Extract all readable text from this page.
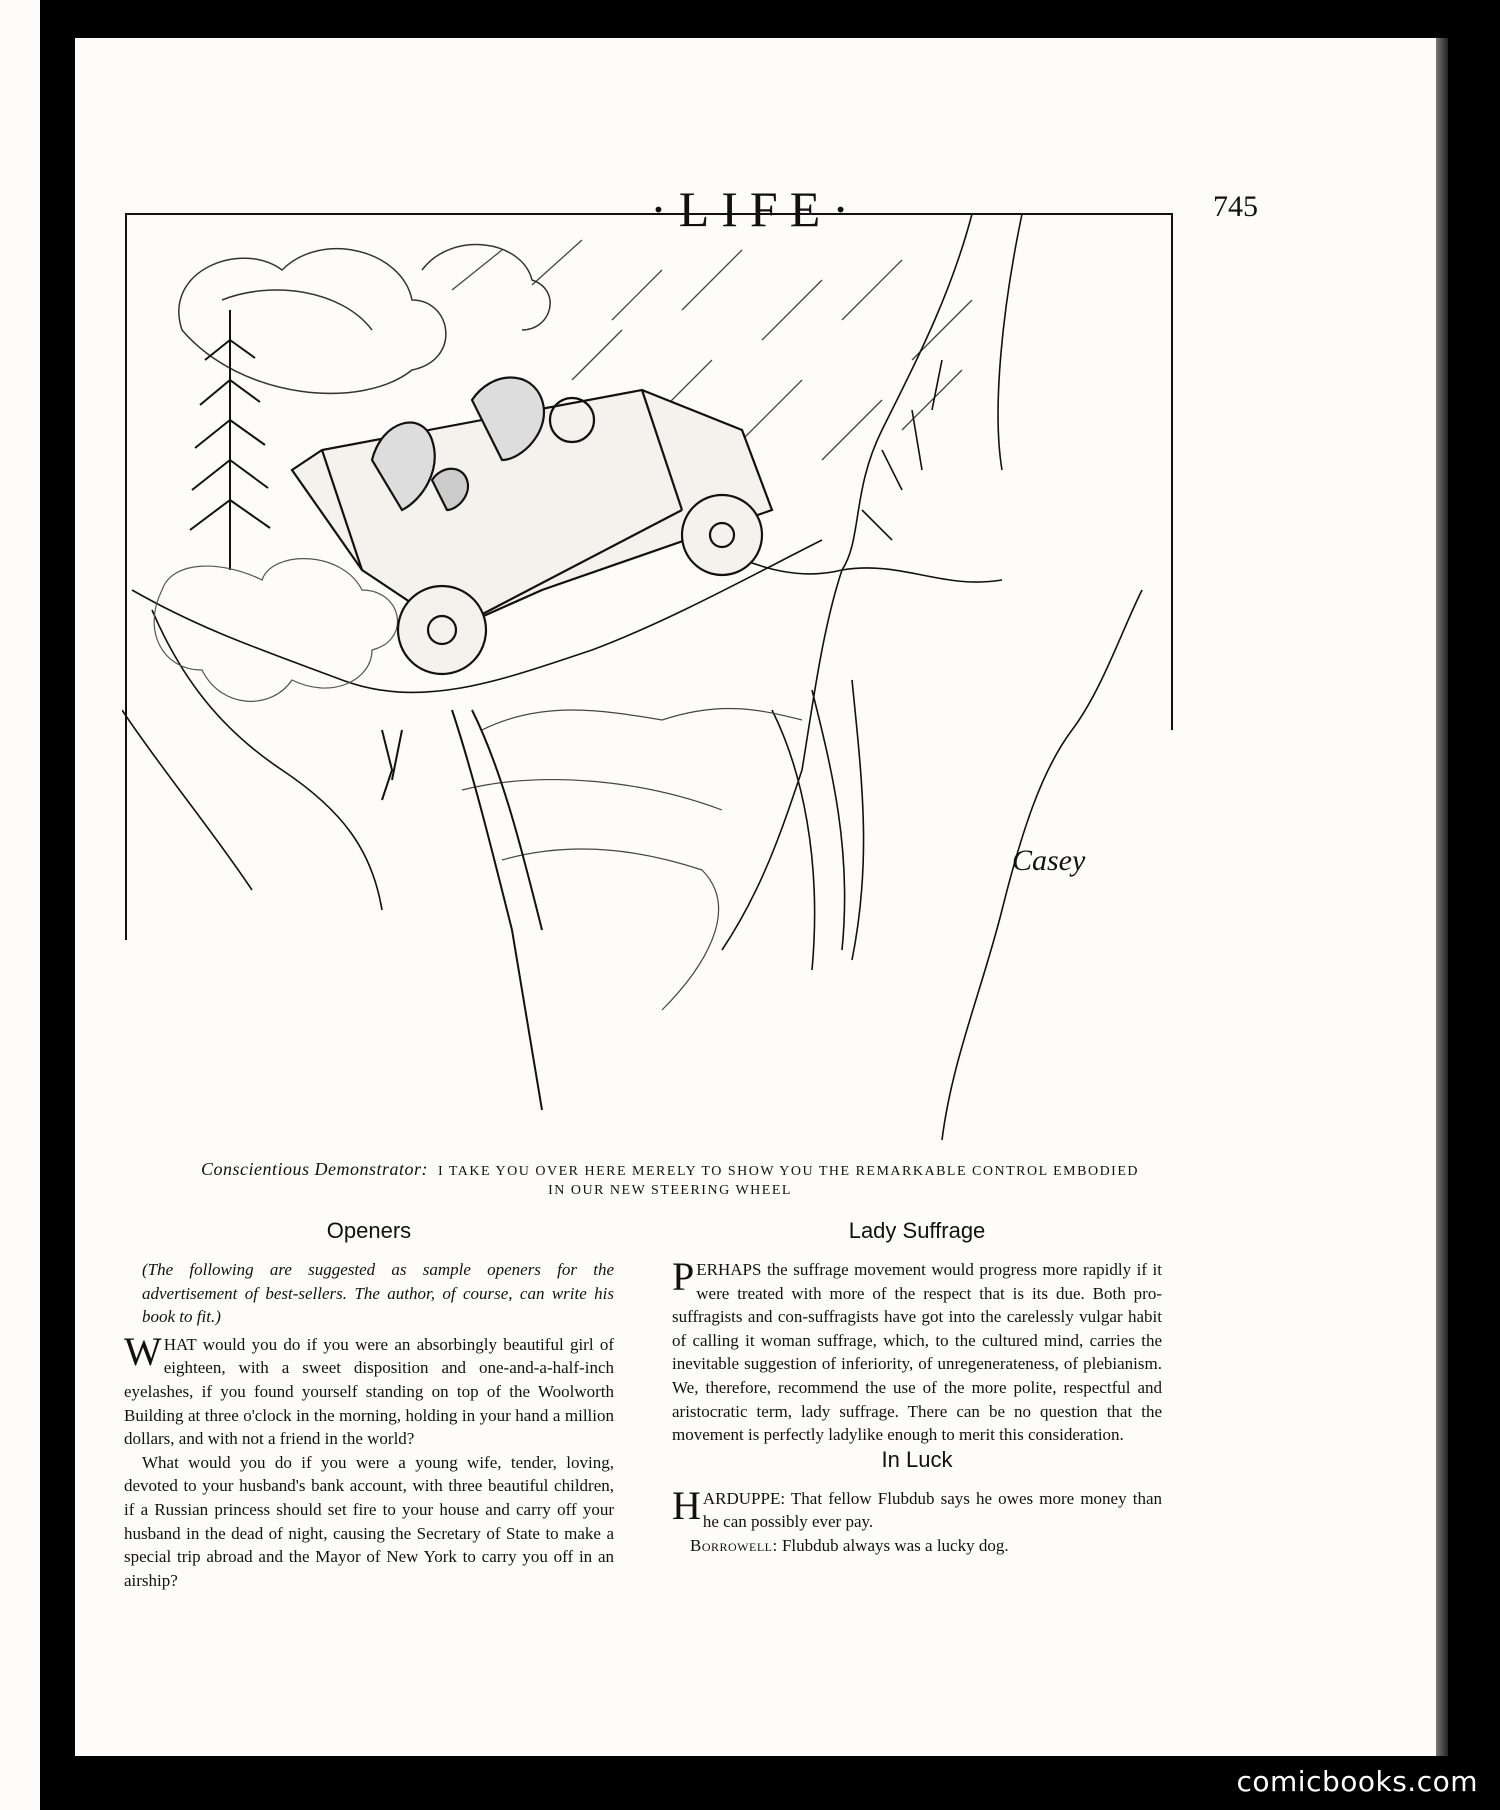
·LIFE·	745
Casey
Conscientious Demonstrator: I TAKE YOU OVER HERE MERELY TO SHOW YOU THE REMARKABLE CONTROL EMBODIED IN OUR NEW STEERING WHEEL
Openers

(The following are suggested as sample openers for the advertisement of best-sellers. The author, of course, can write his book to fit.)

WHAT would you do if you were an absorbingly beautiful girl of eighteen, with a sweet disposition and one-and-a-half-inch eyelashes, if you found yourself standing on top of the Woolworth Building at three o'clock in the morning, holding in your hand a million dollars, and with not a friend in the world?

What would you do if you were a young wife, tender, loving, devoted to your husband's bank account, with three beautiful children, if a Russian princess should set fire to your house and carry off your husband in the dead of night, causing the Secretary of State to make a special trip abroad and the Mayor of New York to carry you off in an airship?

Lady Suffrage

PERHAPS the suffrage movement would progress more rapidly if it were treated with more of the respect that is its due. Both pro-suffragists and con-suffragists have got into the carelessly vulgar habit of calling it woman suffrage, which, to the cultured mind, carries the inevitable suggestion of inferiority, of unregenerateness, of plebianism. We, therefore, recommend the use of the more polite, respectful and aristocratic term, lady suffrage. There can be no question that the movement is perfectly ladylike enough to merit this consideration.

In Luck

HARDUPPE: That fellow Flubdub says he owes more money than he can possibly ever pay.

Borrowell: Flubdub always was a lucky dog.

comicbooks.com
